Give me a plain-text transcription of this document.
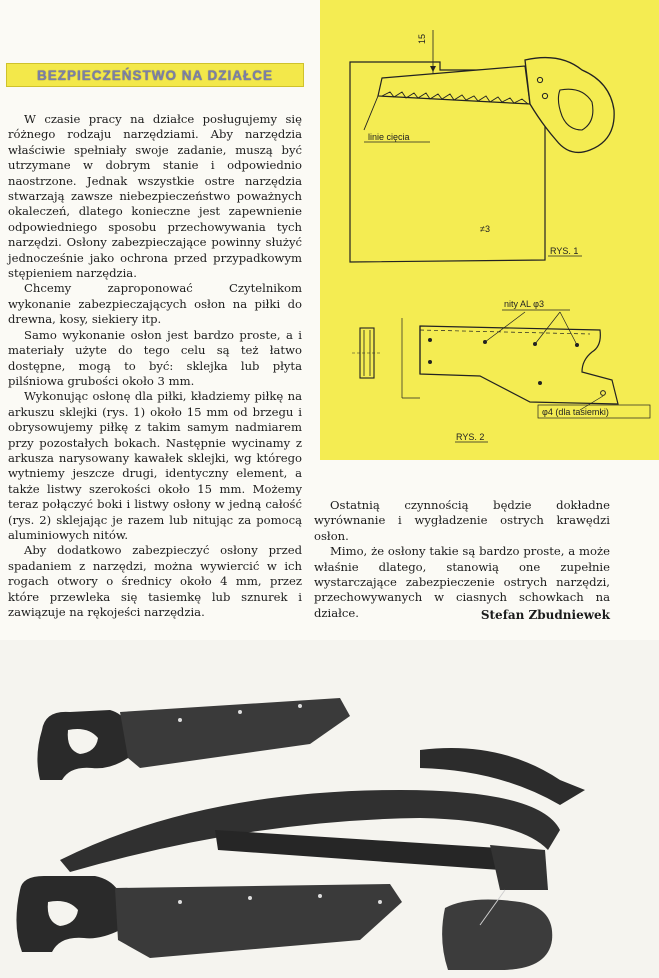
BEZPIECZEŃSTWO NA DZIAŁCE

W czasie pracy na działce posługujemy się różnego rodzaju narzędziami. Aby narzędzia właściwie spełniały swoje zadanie, muszą być utrzymane w dobrym stanie i odpowiednio naostrzone. Jednak wszystkie ostre narzędzia stwarzają zawsze niebezpieczeństwo poważnych okaleczeń, dlatego konieczne jest zapewnienie odpowiedniego sposobu przechowywania tych narzędzi. Osłony zabezpieczające powinny służyć jednocześnie jako ochrona przed przypadkowym stępieniem narzędzia.

Chcemy zaproponować Czytelnikom wykonanie zabezpieczających osłon na piłki do drewna, kosy, siekiery itp.

Samo wykonanie osłon jest bardzo proste, a i materiały użyte do tego celu są też łatwo dostępne, mogą to być: sklejka lub płyta pilśniowa grubości około 3 mm.

Wykonując osłonę dla piłki, kładziemy piłkę na arkuszu sklejki (rys. 1) około 15 mm od brzegu i obrysowujemy piłkę z takim samym nadmiarem przy pozostałych bokach. Następnie wycinamy z arkusza narysowany kawałek sklejki, wg którego wytniemy jeszcze drugi, identyczny element, a także listwy szerokości około 15 mm. Możemy teraz połączyć boki i listwy osłony w jedną całość (rys. 2) sklejając je razem lub nitując za pomocą aluminiowych nitów.

Aby dodatkowo zabezpieczyć osłony przed spadaniem z narzędzi, można wywiercić w ich rogach otwory o średnicy około 4 mm, przez które przewleka się tasiemkę lub sznurek i zawiązuje na rękojeści narzędzia.

Ostatnią czynnością będzie dokładne wyrównanie i wygładzenie ostrych krawędzi osłon.

Mimo, że osłony takie są bardzo proste, a może właśnie dlatego, stanowią one zupełnie wystarczające zabezpieczenie ostrych narzędzi, przechowywanych w ciasnych schowkach na działce.	Stefan Zbudniewek
15
linie cięcia
≠3
RYS. 1
nity AL φ3
φ4 (dla tasiemki)
RYS. 2
